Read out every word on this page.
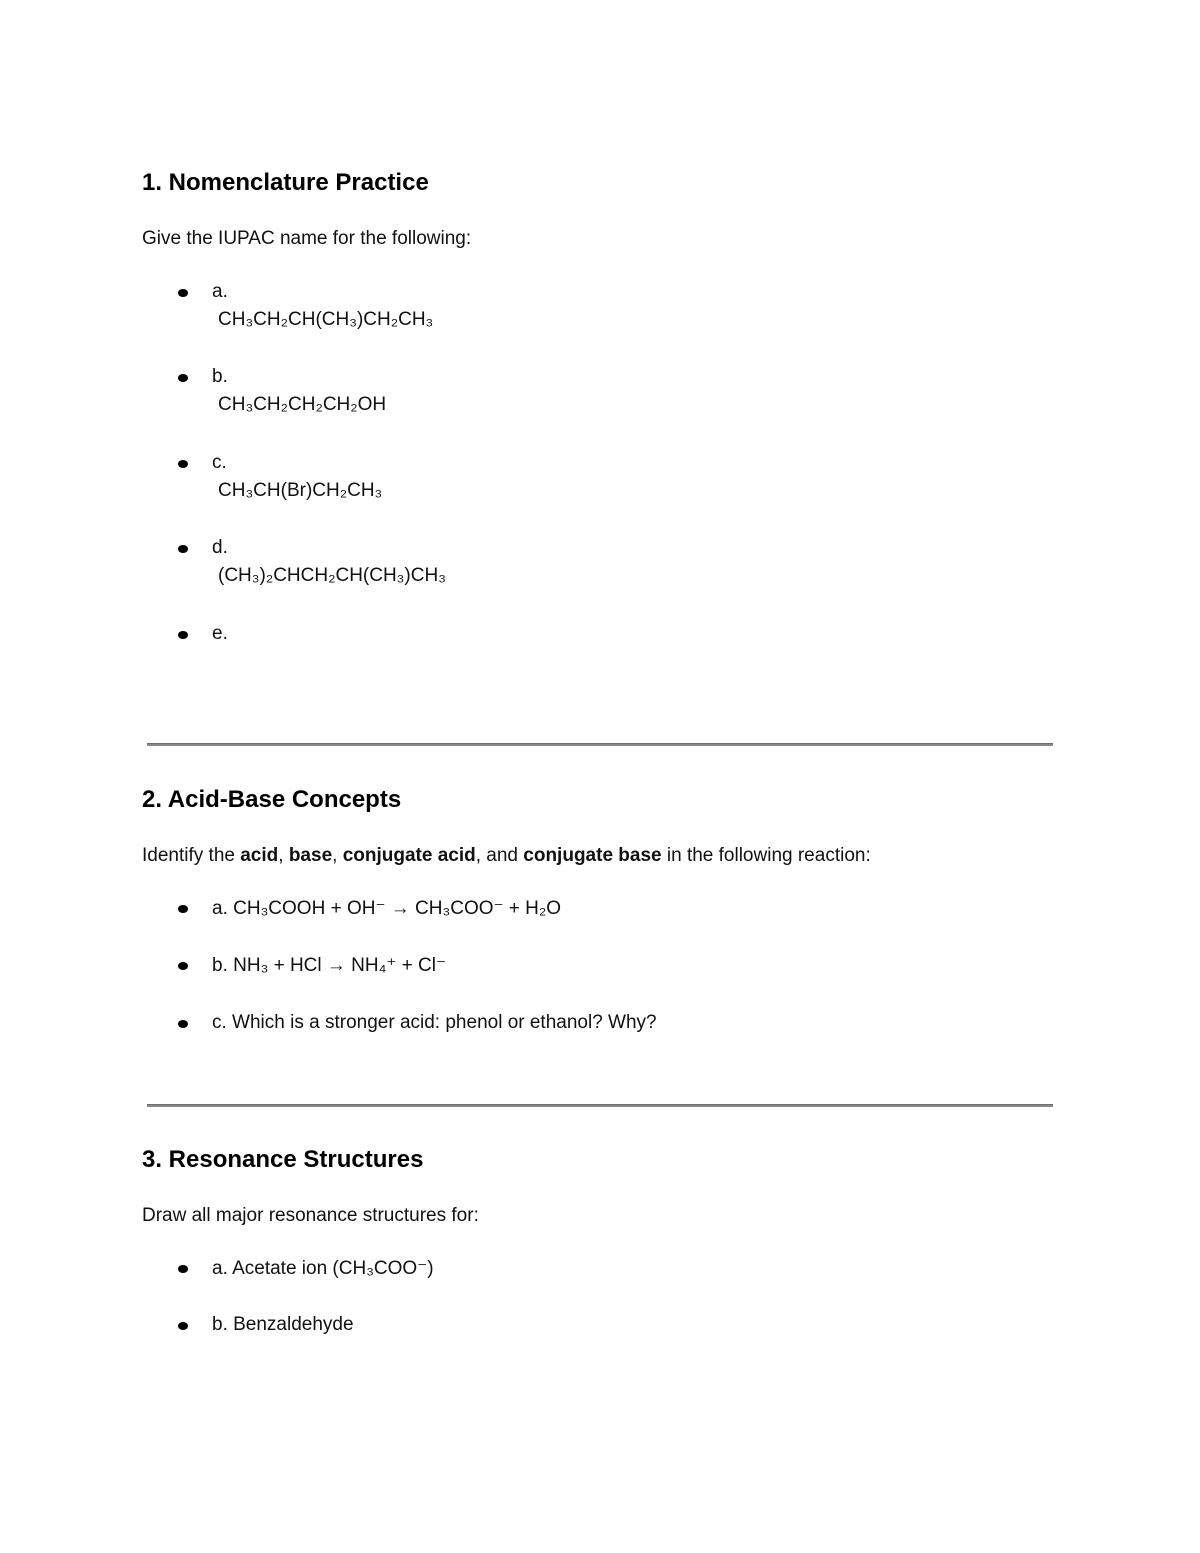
1. Nomenclature Practice
Give the IUPAC name for the following:
a.
CH₃CH₂CH(CH₃)CH₂CH₃
b.
CH₃CH₂CH₂CH₂OH
c.
CH₃CH(Br)CH₂CH₃
d.
(CH₃)₂CHCH₂CH(CH₃)CH₃
e.
2. Acid-Base Concepts
Identify the acid, base, conjugate acid, and conjugate base in the following reaction:
a. CH₃COOH + OH⁻ → CH₃COO⁻ + H₂O
b. NH₃ + HCl → NH₄⁺ + Cl⁻
c. Which is a stronger acid: phenol or ethanol? Why?
3. Resonance Structures
Draw all major resonance structures for:
a. Acetate ion (CH₃COO⁻)
b. Benzaldehyde
